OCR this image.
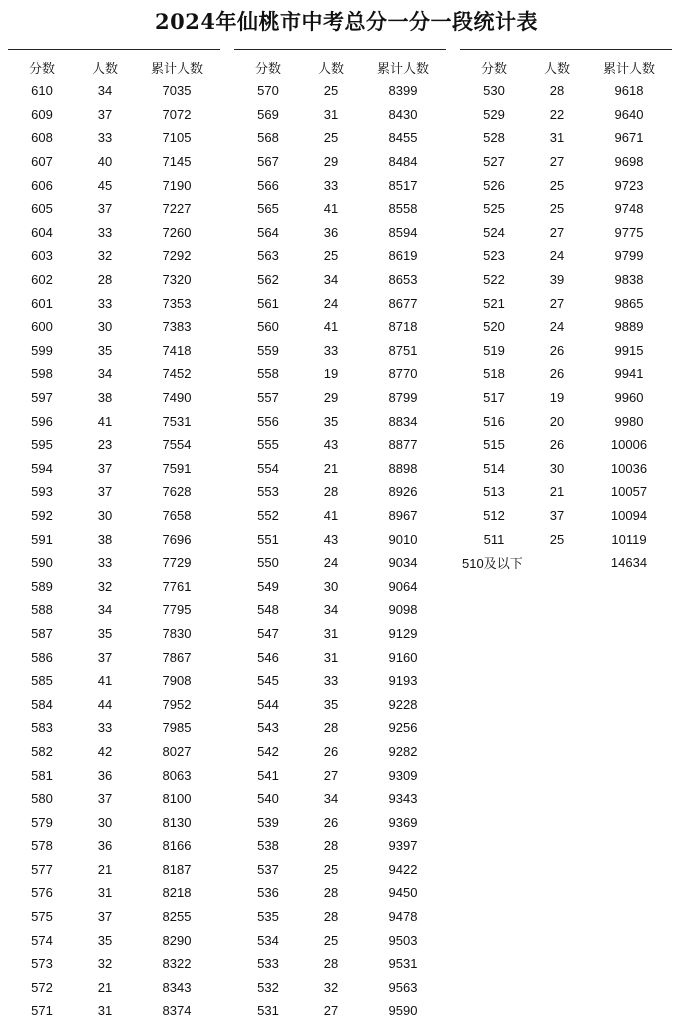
2024年仙桃市中考总分一分一段统计表
分数	人数	累计人数
610	34	7035
609	37	7072
608	33	7105
607	40	7145
606	45	7190
605	37	7227
604	33	7260
603	32	7292
602	28	7320
601	33	7353
600	30	7383
599	35	7418
598	34	7452
597	38	7490
596	41	7531
595	23	7554
594	37	7591
593	37	7628
592	30	7658
591	38	7696
590	33	7729
589	32	7761
588	34	7795
587	35	7830
586	37	7867
585	41	7908
584	44	7952
583	33	7985
582	42	8027
581	36	8063
580	37	8100
579	30	8130
578	36	8166
577	21	8187
576	31	8218
575	37	8255
574	35	8290
573	32	8322
572	21	8343
571	31	8374
分数	人数	累计人数
570	25	8399
569	31	8430
568	25	8455
567	29	8484
566	33	8517
565	41	8558
564	36	8594
563	25	8619
562	34	8653
561	24	8677
560	41	8718
559	33	8751
558	19	8770
557	29	8799
556	35	8834
555	43	8877
554	21	8898
553	28	8926
552	41	8967
551	43	9010
550	24	9034
549	30	9064
548	34	9098
547	31	9129
546	31	9160
545	33	9193
544	35	9228
543	28	9256
542	26	9282
541	27	9309
540	34	9343
539	26	9369
538	28	9397
537	25	9422
536	28	9450
535	28	9478
534	25	9503
533	28	9531
532	32	9563
531	27	9590
分数	人数	累计人数
530	28	9618
529	22	9640
528	31	9671
527	27	9698
526	25	9723
525	25	9748
524	27	9775
523	24	9799
522	39	9838
521	27	9865
520	24	9889
519	26	9915
518	26	9941
517	19	9960
516	20	9980
515	26	10006
514	30	10036
513	21	10057
512	37	10094
511	25	10119
510及以下		14634
